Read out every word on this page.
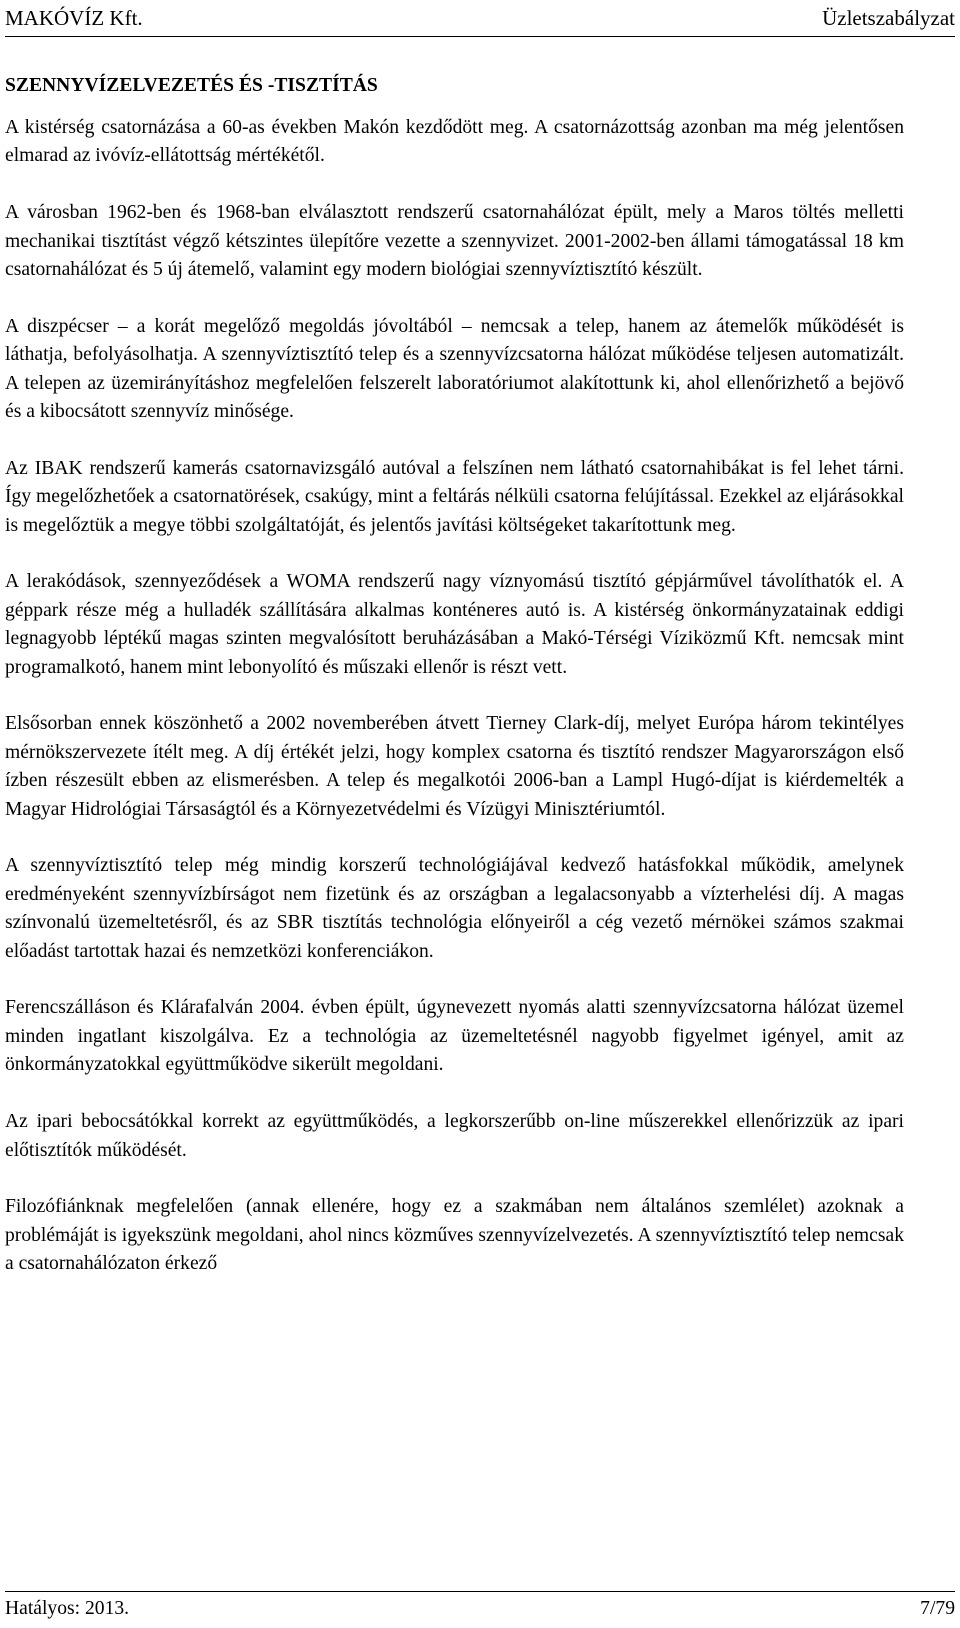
MAKÓVÍZ Kft.	Üzletszabályzat
SZENNYVÍZELVEZETÉS ÉS -TISZTÍTÁS

A kistérség csatornázása a 60-as években Makón kezdődött meg. A csatornázottság azonban ma még jelentősen elmarad az ivóvíz-ellátottság mértékétől.

A városban 1962-ben és 1968-ban elválasztott rendszerű csatornahálózat épült, mely a Maros töltés melletti mechanikai tisztítást végző kétszintes ülepítőre vezette a szennyvizet. 2001-2002-ben állami támogatással 18 km csatornahálózat és 5 új átemelő, valamint egy modern biológiai szennyvíztisztító készült.

A diszpécser – a korát megelőző megoldás jóvoltából – nemcsak a telep, hanem az átemelők működését is láthatja, befolyásolhatja. A szennyvíztisztító telep és a szennyvízcsatorna hálózat működése teljesen automatizált. A telepen az üzemirányításhoz megfelelően felszerelt laboratóriumot alakítottunk ki, ahol ellenőrizhető a bejövő és a kibocsátott szennyvíz minősége.

Az IBAK rendszerű kamerás csatornavizsgáló autóval a felszínen nem látható csatornahibákat is fel lehet tárni. Így megelőzhetőek a csatornatörések, csakúgy, mint a feltárás nélküli csatorna felújítással. Ezekkel az eljárásokkal is megelőztük a megye többi szolgáltatóját, és jelentős javítási költségeket takarítottunk meg.

A lerakódások, szennyeződések a WOMA rendszerű nagy víznyomású tisztító gépjárművel távolíthatók el. A géppark része még a hulladék szállítására alkalmas konténeres autó is. A kistérség önkormányzatainak eddigi legnagyobb léptékű magas szinten megvalósított beruházásában a Makó-Térségi Víziközmű Kft. nemcsak mint programalkotó, hanem mint lebonyolító és műszaki ellenőr is részt vett.

Elsősorban ennek köszönhető a 2002 novemberében átvett Tierney Clark-díj, melyet Európa három tekintélyes mérnökszervezete ítélt meg. A díj értékét jelzi, hogy komplex csatorna és tisztító rendszer Magyarországon első ízben részesült ebben az elismerésben. A telep és megalkotói 2006-ban a Lampl Hugó-díjat is kiérdemelték a Magyar Hidrológiai Társaságtól és a Környezetvédelmi és Vízügyi Minisztériumtól.

A szennyvíztisztító telep még mindig korszerű technológiájával kedvező hatásfokkal működik, amelynek eredményeként szennyvízbírságot nem fizetünk és az országban a legalacsonyabb a vízterhelési díj. A magas színvonalú üzemeltetésről, és az SBR tisztítás technológia előnyeiről a cég vezető mérnökei számos szakmai előadást tartottak hazai és nemzetközi konferenciákon.

Ferencszálláson és Klárafalván 2004. évben épült, úgynevezett nyomás alatti szennyvízcsatorna hálózat üzemel minden ingatlant kiszolgálva. Ez a technológia az üzemeltetésnél nagyobb figyelmet igényel, amit az önkormányzatokkal együttműködve sikerült megoldani.

Az ipari bebocsátókkal korrekt az együttműködés, a legkorszerűbb on-line műszerekkel ellenőrizzük az ipari előtisztítók működését.

Filozófiánknak megfelelően (annak ellenére, hogy ez a szakmában nem általános szemlélet) azoknak a problémáját is igyekszünk megoldani, ahol nincs közműves szennyvízelvezetés. A szennyvíztisztító telep nemcsak a csatornahálózaton érkező

Hatályos: 2013.	7/79
